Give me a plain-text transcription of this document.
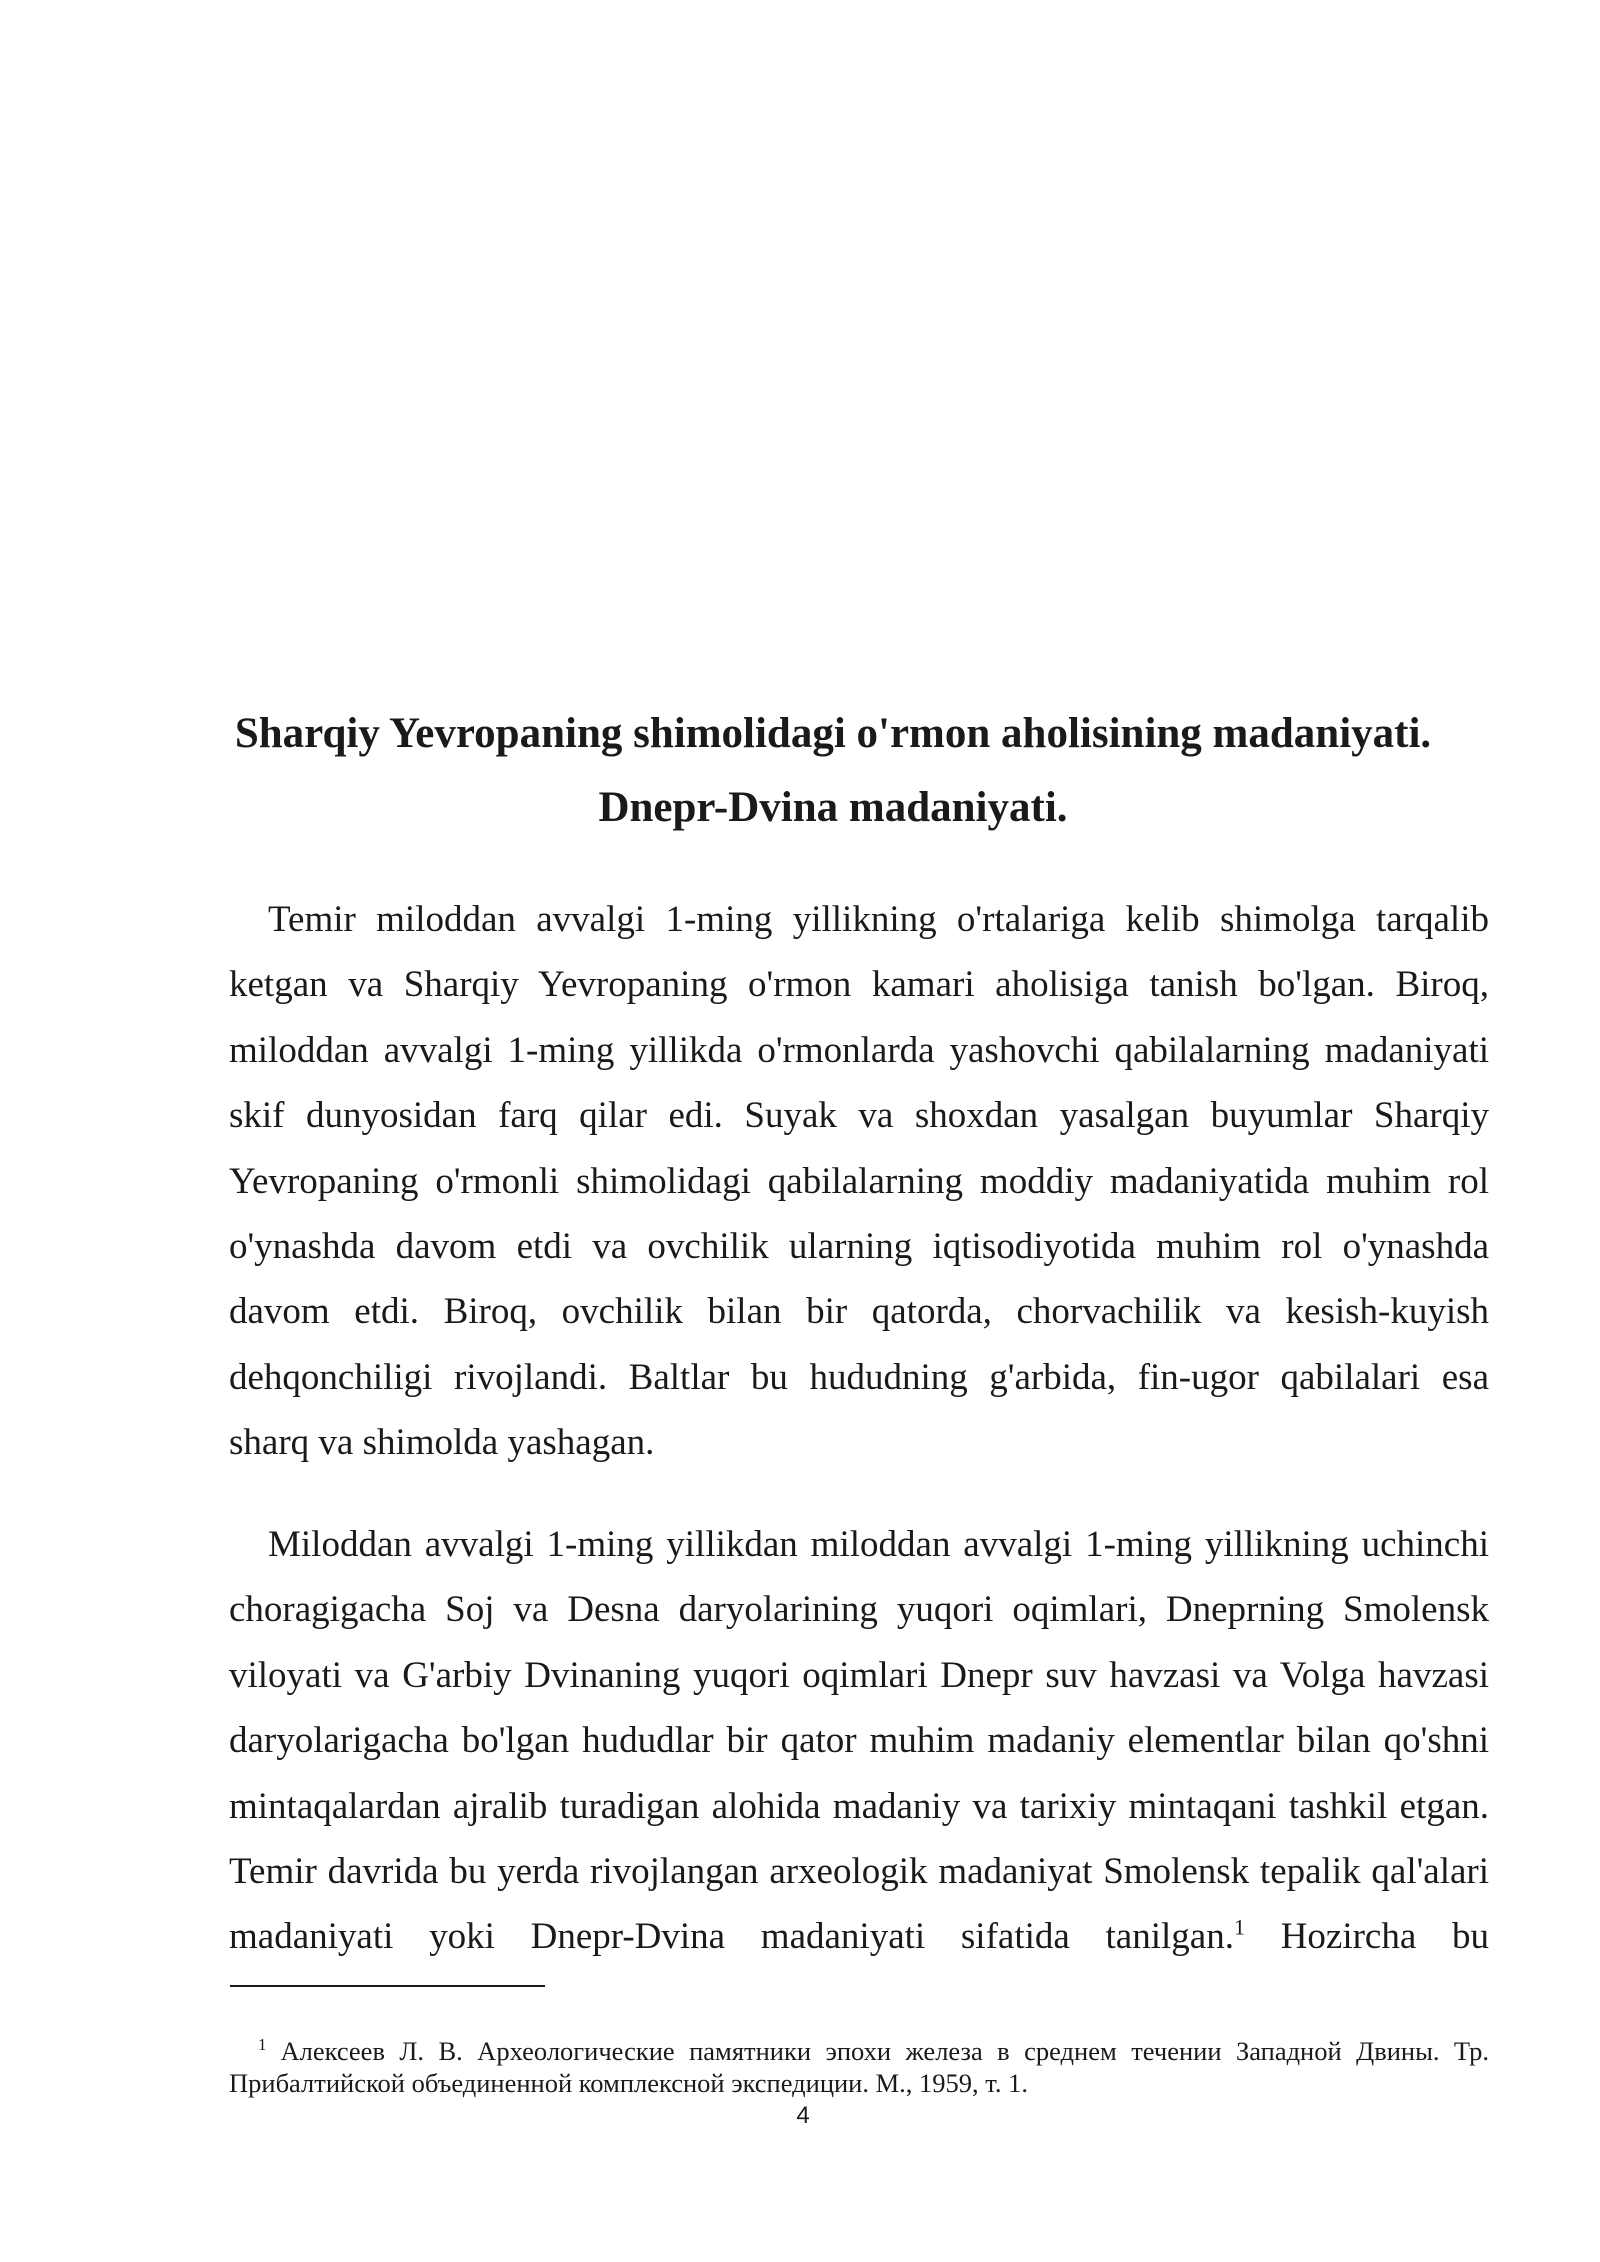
Sharqiy Yevropaning shimolidagi o'rmon aholisining madaniyati.
Dnepr-Dvina madaniyati.
Temir miloddan avvalgi 1-ming yillikning o'rtalariga kelib shimolga tarqalib
ketgan va Sharqiy Yevropaning o'rmon kamari aholisiga tanish bo'lgan. Biroq,
miloddan avvalgi 1-ming yillikda o'rmonlarda yashovchi qabilalarning madaniyati
skif dunyosidan farq qilar edi. Suyak va shoxdan yasalgan buyumlar Sharqiy
Yevropaning o'rmonli shimolidagi qabilalarning moddiy madaniyatida muhim rol
o'ynashda davom etdi va ovchilik ularning iqtisodiyotida muhim rol o'ynashda
davom etdi. Biroq, ovchilik bilan bir qatorda, chorvachilik va kesish-kuyish
dehqonchiligi rivojlandi. Baltlar bu hududning g'arbida, fin-ugor qabilalari esa
sharq va shimolda yashagan.
Miloddan avvalgi 1-ming yillikdan miloddan avvalgi 1-ming yillikning uchinchi
choragigacha Soj va Desna daryolarining yuqori oqimlari, Dneprning Smolensk
viloyati va G'arbiy Dvinaning yuqori oqimlari Dnepr suv havzasi va Volga havzasi
daryolarigacha bo'lgan hududlar bir qator muhim madaniy elementlar bilan qo'shni
mintaqalardan ajralib turadigan alohida madaniy va tarixiy mintaqani tashkil etgan.
Temir davrida bu yerda rivojlangan arxeologik madaniyat Smolensk tepalik qal'alari
madaniyati yoki Dnepr-Dvina madaniyati sifatida tanilgan.$^1$ Hozircha bu
$^1$ Алексеев Л. В. Археологические памятники эпохи железа в среднем течении Западной Двины. Тр.
Прибалтийской объединенной комплексной экспедиции. М., 1959, т. 1.
4
